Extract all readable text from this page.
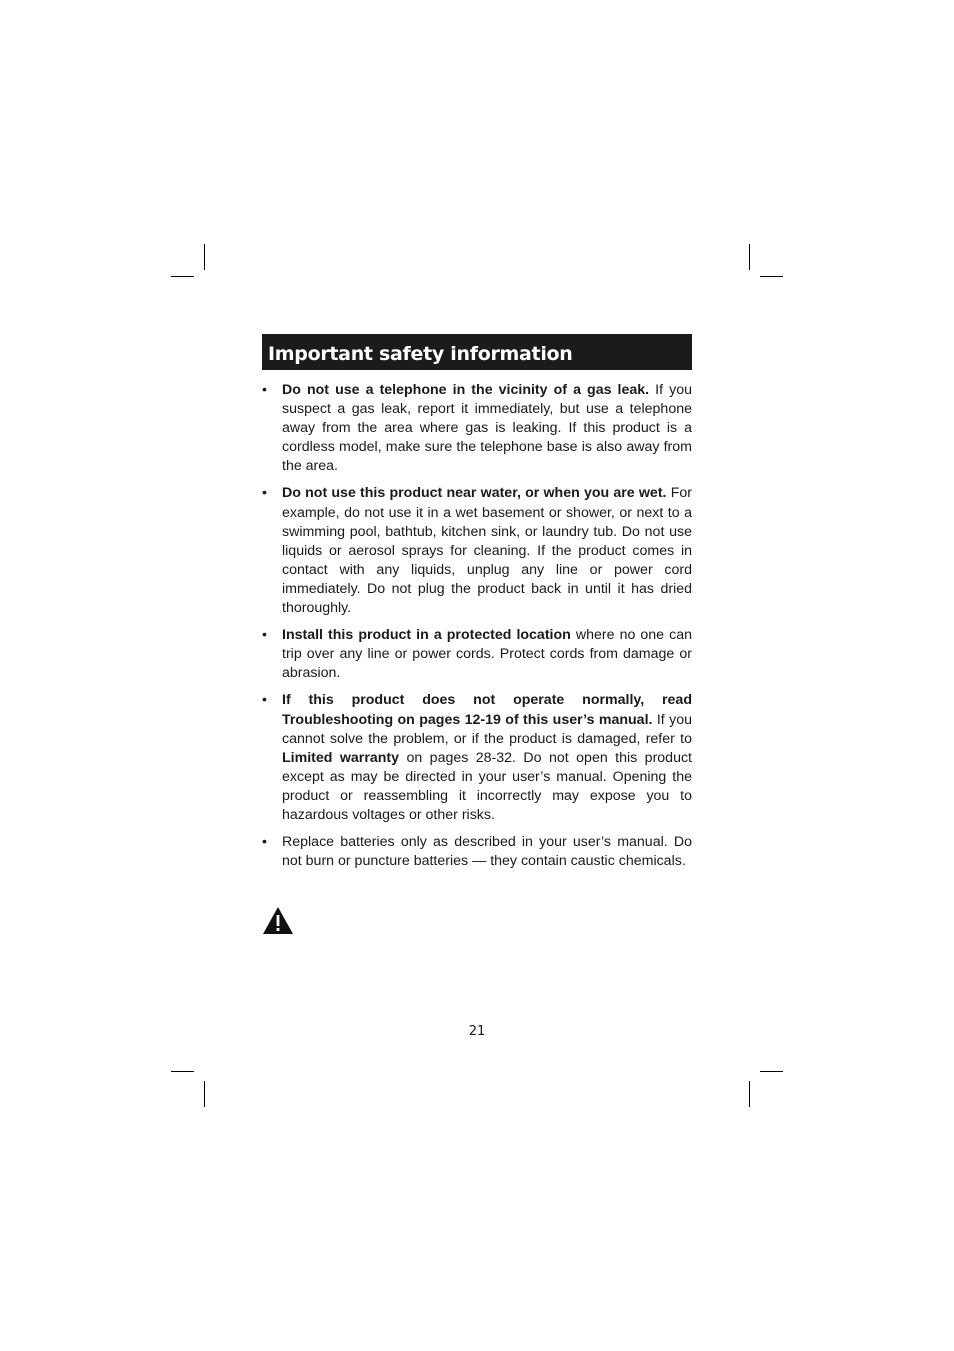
Important safety information
•	Do not use a telephone in the vicinity of a gas leak. If you suspect a gas leak, report it immediately, but use a telephone away from the area where gas is leaking. If this product is a cordless model, make sure the telephone base is also away from the area.
•	Do not use this product near water, or when you are wet. For example, do not use it in a wet basement or shower, or next to a swimming pool, bathtub, kitchen sink, or laundry tub. Do not use liquids or aerosol sprays for cleaning. If the product comes in contact with any liquids, unplug any line or power cord immediately. Do not plug the product back in until it has dried thoroughly.
•	Install this product in a protected location where no one can trip over any line or power cords. Protect cords from damage or abrasion.
•	If this product does not operate normally, read Troubleshooting on pages 12-19 of this user’s manual. If you cannot solve the problem, or if the product is damaged, refer to Limited warranty on pages 28-32. Do not open this product except as may be directed in your user’s manual. Opening the product or reassembling it incorrectly may expose you to hazardous voltages or other risks.
•	Replace batteries only as described in your user’s manual. Do not burn or puncture batteries — they contain caustic chemicals.
21
